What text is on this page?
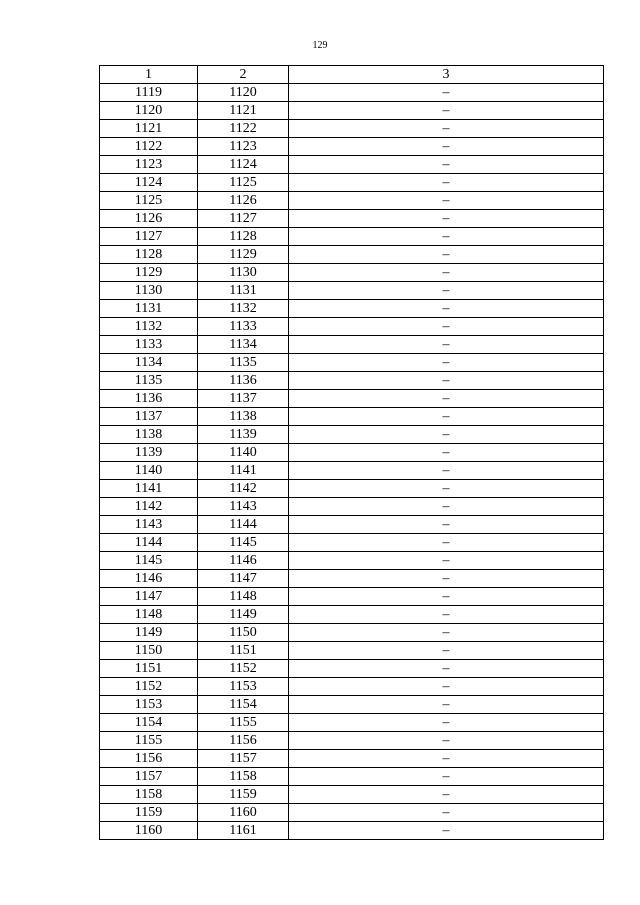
129
1	2	3
1119	1120	–
1120	1121	–
1121	1122	–
1122	1123	–
1123	1124	–
1124	1125	–
1125	1126	–
1126	1127	–
1127	1128	–
1128	1129	–
1129	1130	–
1130	1131	–
1131	1132	–
1132	1133	–
1133	1134	–
1134	1135	–
1135	1136	–
1136	1137	–
1137	1138	–
1138	1139	–
1139	1140	–
1140	1141	–
1141	1142	–
1142	1143	–
1143	1144	–
1144	1145	–
1145	1146	–
1146	1147	–
1147	1148	–
1148	1149	–
1149	1150	–
1150	1151	–
1151	1152	–
1152	1153	–
1153	1154	–
1154	1155	–
1155	1156	–
1156	1157	–
1157	1158	–
1158	1159	–
1159	1160	–
1160	1161	–
